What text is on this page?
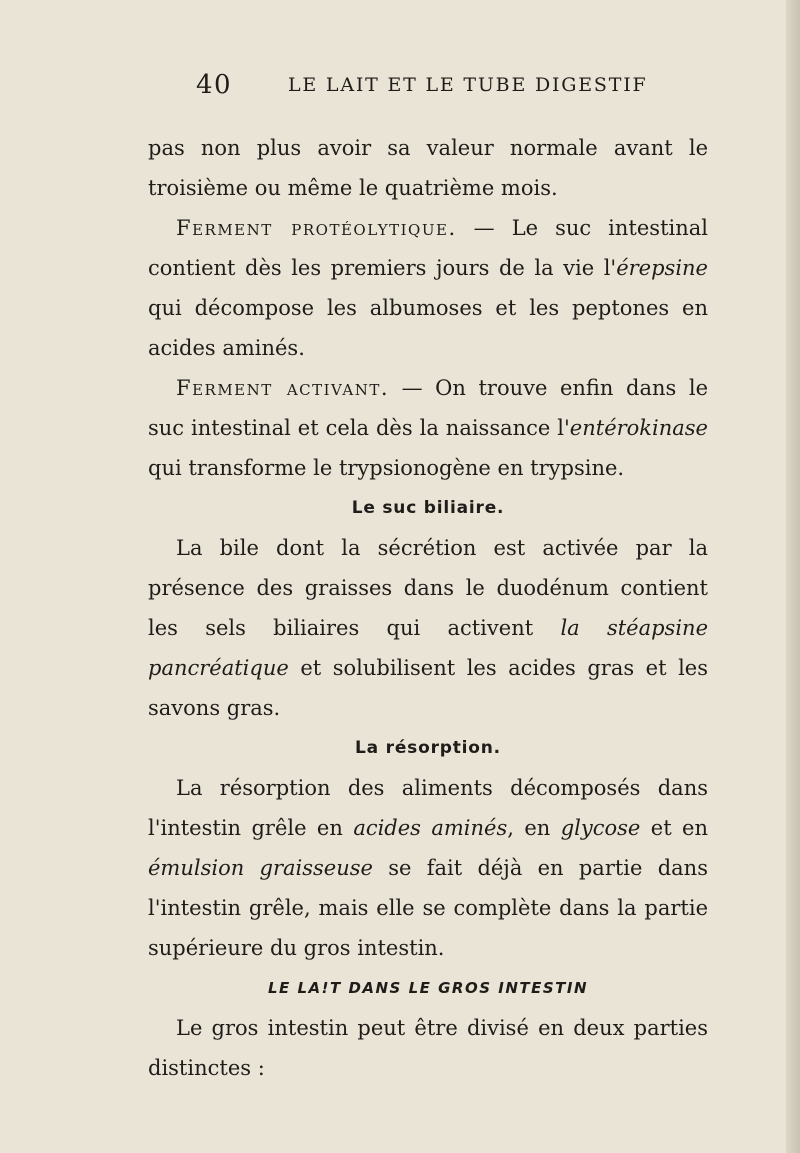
40	LE LAIT ET LE TUBE DIGESTIF

pas non plus avoir sa valeur normale avant le troisième ou même le quatrième mois.

Ferment protéolytique. — Le suc intestinal contient dès les premiers jours de la vie l'érepsine qui décompose les albumoses et les peptones en acides aminés.

Ferment activant. — On trouve enfin dans le suc intestinal et cela dès la naissance l'entérokinase qui transforme le trypsionogène en trypsine.

Le suc biliaire.

La bile dont la sécrétion est activée par la présence des graisses dans le duodénum contient les sels biliaires qui activent la stéapsine pancréatique et solubilisent les acides gras et les savons gras.

La résorption.

La résorption des aliments décomposés dans l'intestin grêle en acides aminés, en glycose et en émulsion graisseuse se fait déjà en partie dans l'intestin grêle, mais elle se complète dans la partie supérieure du gros intestin.

LE LA!T DANS LE GROS INTESTIN

Le gros intestin peut être divisé en deux parties distinctes :
